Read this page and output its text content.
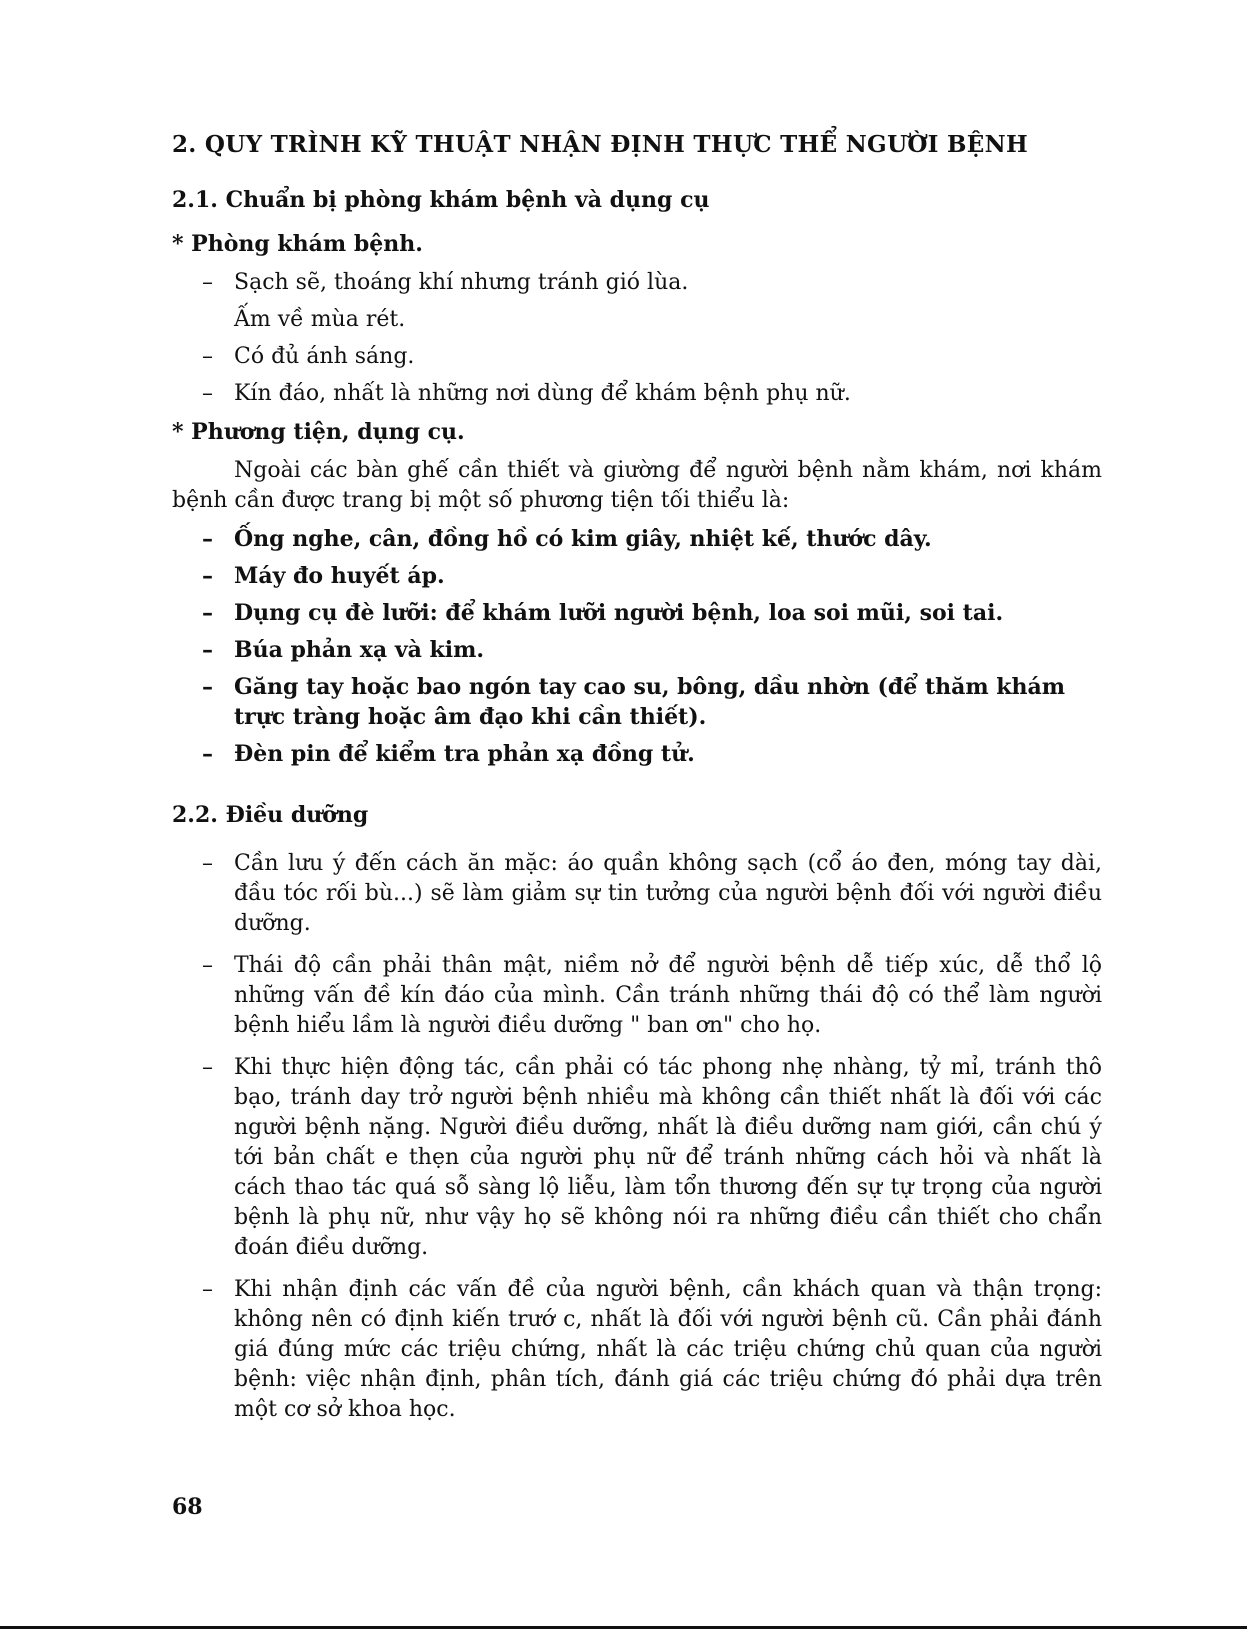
2. QUY TRÌNH KỸ THUẬT NHẬN ĐỊNH THỰC THỂ NGƯỜI BỆNH
2.1. Chuẩn bị phòng khám bệnh và dụng cụ
* Phòng khám bệnh.
– Sạch sẽ, thoáng khí nhưng tránh gió lùa.
Ấm về mùa rét.
– Có đủ ánh sáng.
– Kín đáo, nhất là những nơi dùng để khám bệnh phụ nữ.
* Phương tiện, dụng cụ.
Ngoài các bàn ghế cần thiết và giường để người bệnh nằm khám, nơi khám bệnh cần được trang bị một số phương tiện tối thiểu là:
– Ống nghe, cân, đồng hồ có kim giây, nhiệt kế, thước dây.
– Máy đo huyết áp.
– Dụng cụ đè lưỡi: để khám lưỡi người bệnh, loa soi mũi, soi tai.
– Búa phản xạ và kim.
– Găng tay hoặc bao ngón tay cao su, bông, dầu nhờn (để thăm khám trực tràng hoặc âm đạo khi cần thiết).
– Đèn pin để kiểm tra phản xạ đồng tử.
2.2. Điều dưỡng
– Cần lưu ý đến cách ăn mặc: áo quần không sạch (cổ áo đen, móng tay dài, đầu tóc rối bù...) sẽ làm giảm sự tin tưởng của người bệnh đối với người điều dưỡng.
– Thái độ cần phải thân mật, niềm nở để người bệnh dễ tiếp xúc, dễ thổ lộ những vấn đề kín đáo của mình. Cần tránh những thái độ có thể làm người bệnh hiểu lầm là người điều dưỡng " ban ơn" cho họ.
– Khi thực hiện động tác, cần phải có tác phong nhẹ nhàng, tỷ mỉ, tránh thô bạo, tránh day trở người bệnh nhiều mà không cần thiết nhất là đối với các người bệnh nặng. Người điều dưỡng, nhất là điều dưỡng nam giới, cần chú ý tới bản chất e thẹn của người phụ nữ để tránh những cách hỏi và nhất là cách thao tác quá sỗ sàng lộ liễu, làm tổn thương đến sự tự trọng của người bệnh là phụ nữ, như vậy họ sẽ không nói ra những điều cần thiết cho chẩn đoán điều dưỡng.
– Khi nhận định các vấn đề của người bệnh, cần khách quan và thận trọng: không nên có định kiến trướ c, nhất là đối với người bệnh cũ. Cần phải đánh giá đúng mức các triệu chứng, nhất là các triệu chứng chủ quan của người bệnh: việc nhận định, phân tích, đánh giá các triệu chứng đó phải dựa trên một cơ sở khoa học.
68
